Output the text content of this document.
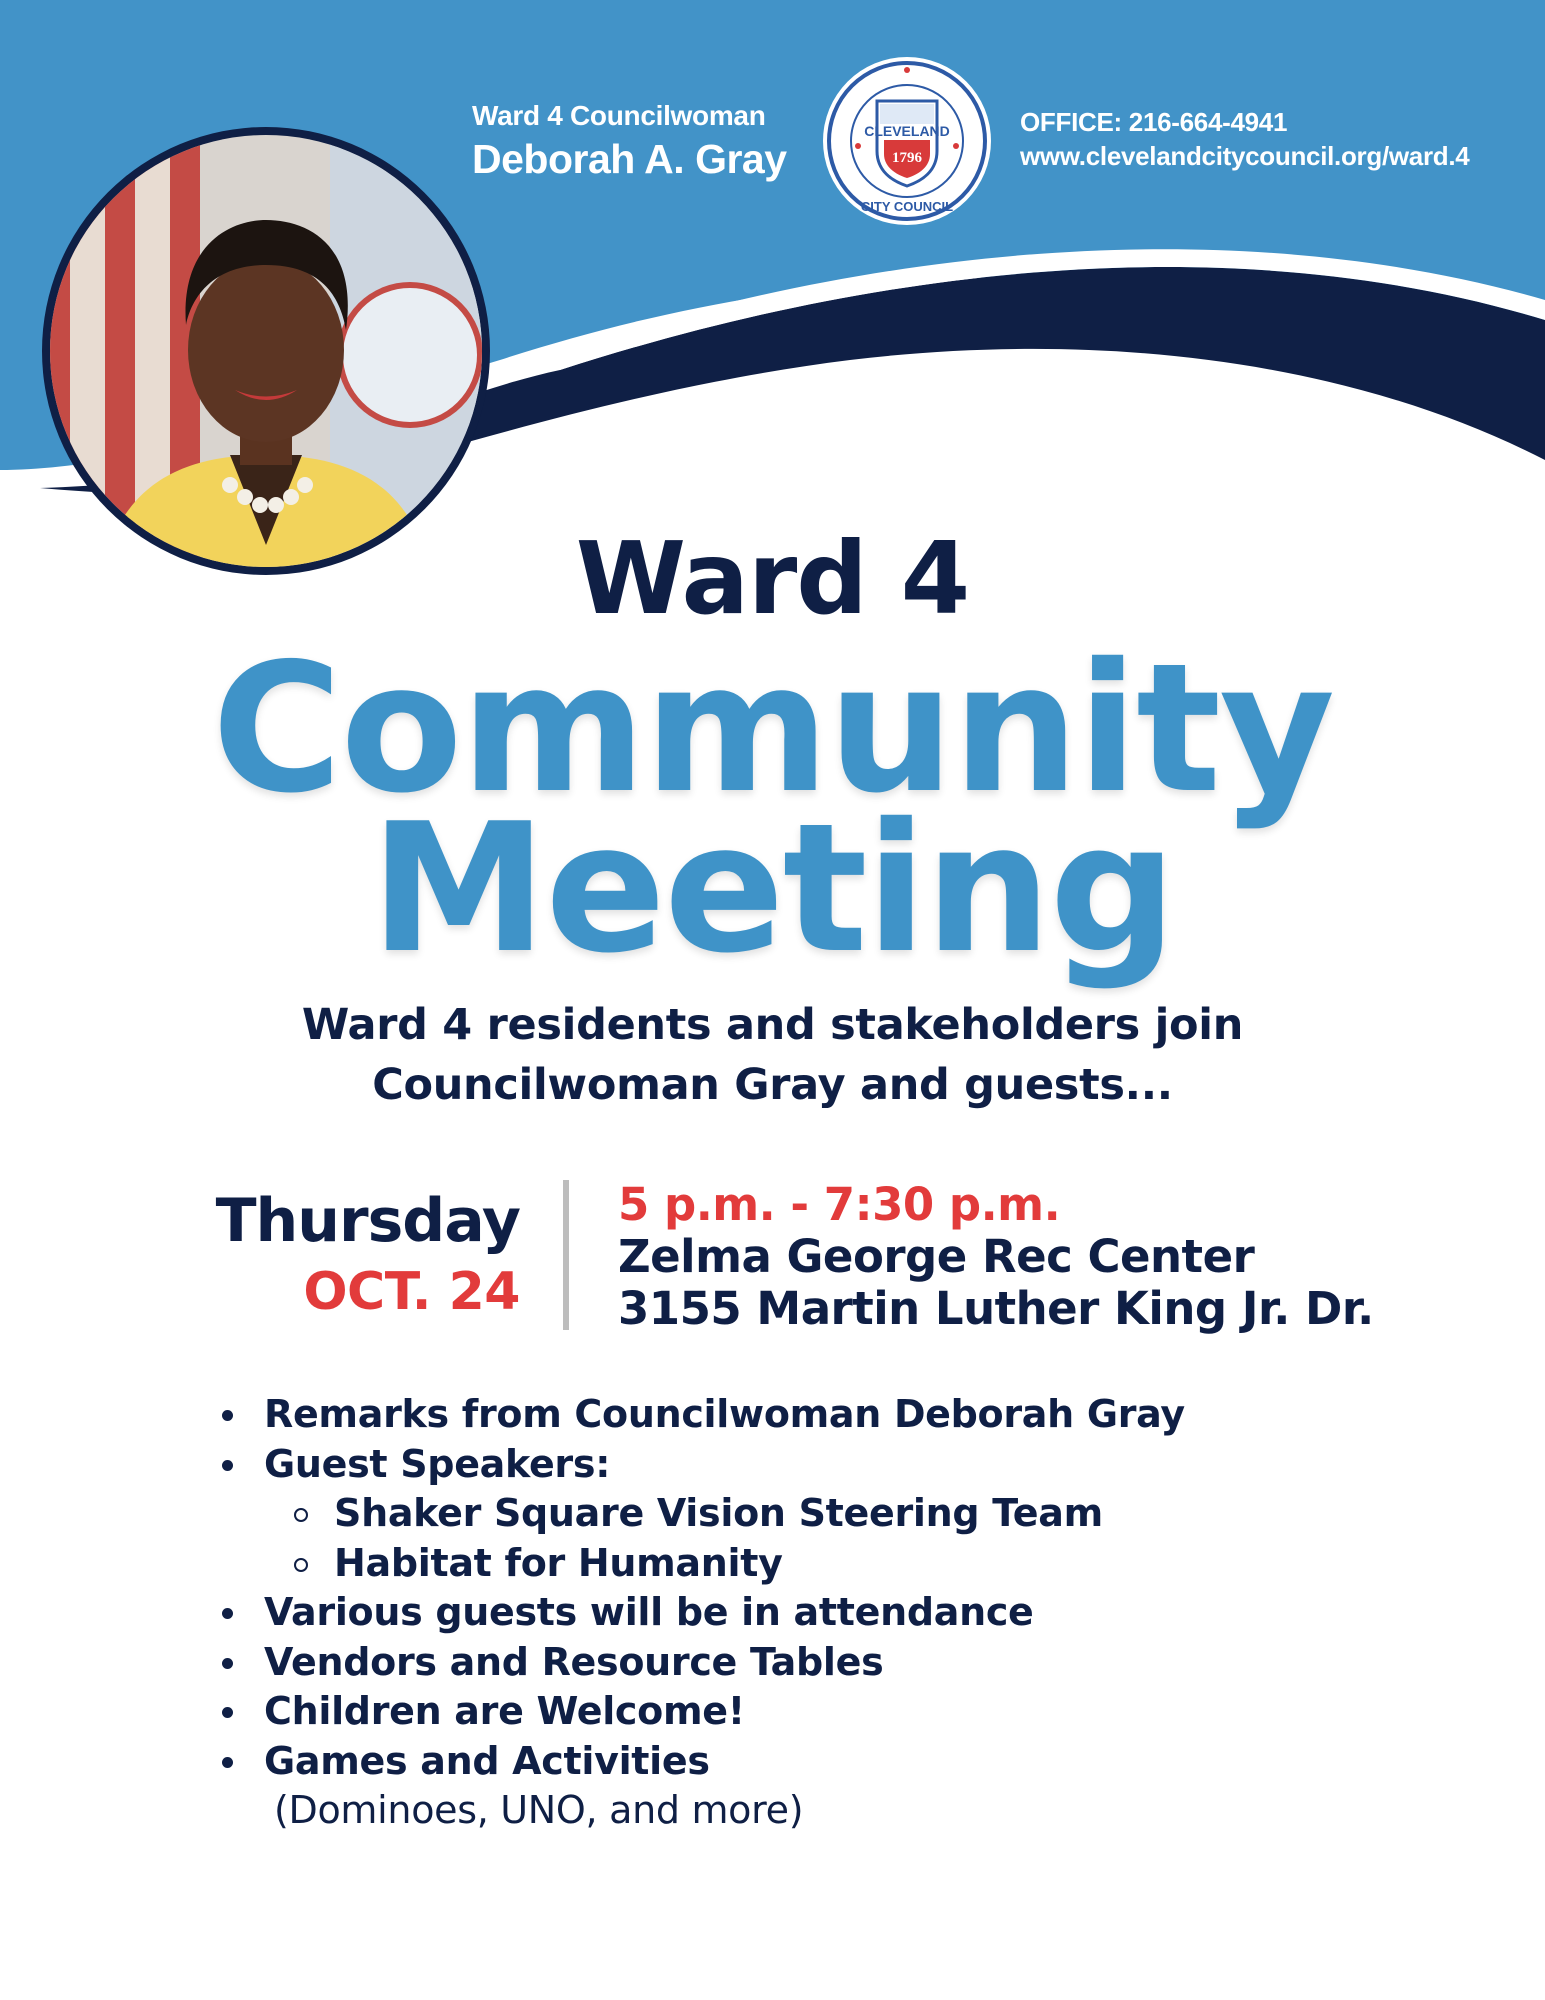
Ward 4 Councilwoman
Deborah A. Gray
OFFICE: 216-664-4941
www.clevelandcitycouncil.org/ward.4
CLEVELAND
1796
CITY COUNCIL
Ward 4
Community
Meeting
Ward 4 residents and stakeholders join
Councilwoman Gray and guests...
Thursday
OCT. 24
5 p.m. - 7:30 p.m.
Zelma George Rec Center
3155 Martin Luther King Jr. Dr.
Remarks from Councilwoman Deborah Gray
Guest Speakers:
Shaker Square Vision Steering Team
Habitat for Humanity
Various guests will be in attendance
Vendors and Resource Tables
Children are Welcome!
Games and Activities
(Dominoes, UNO, and more)
